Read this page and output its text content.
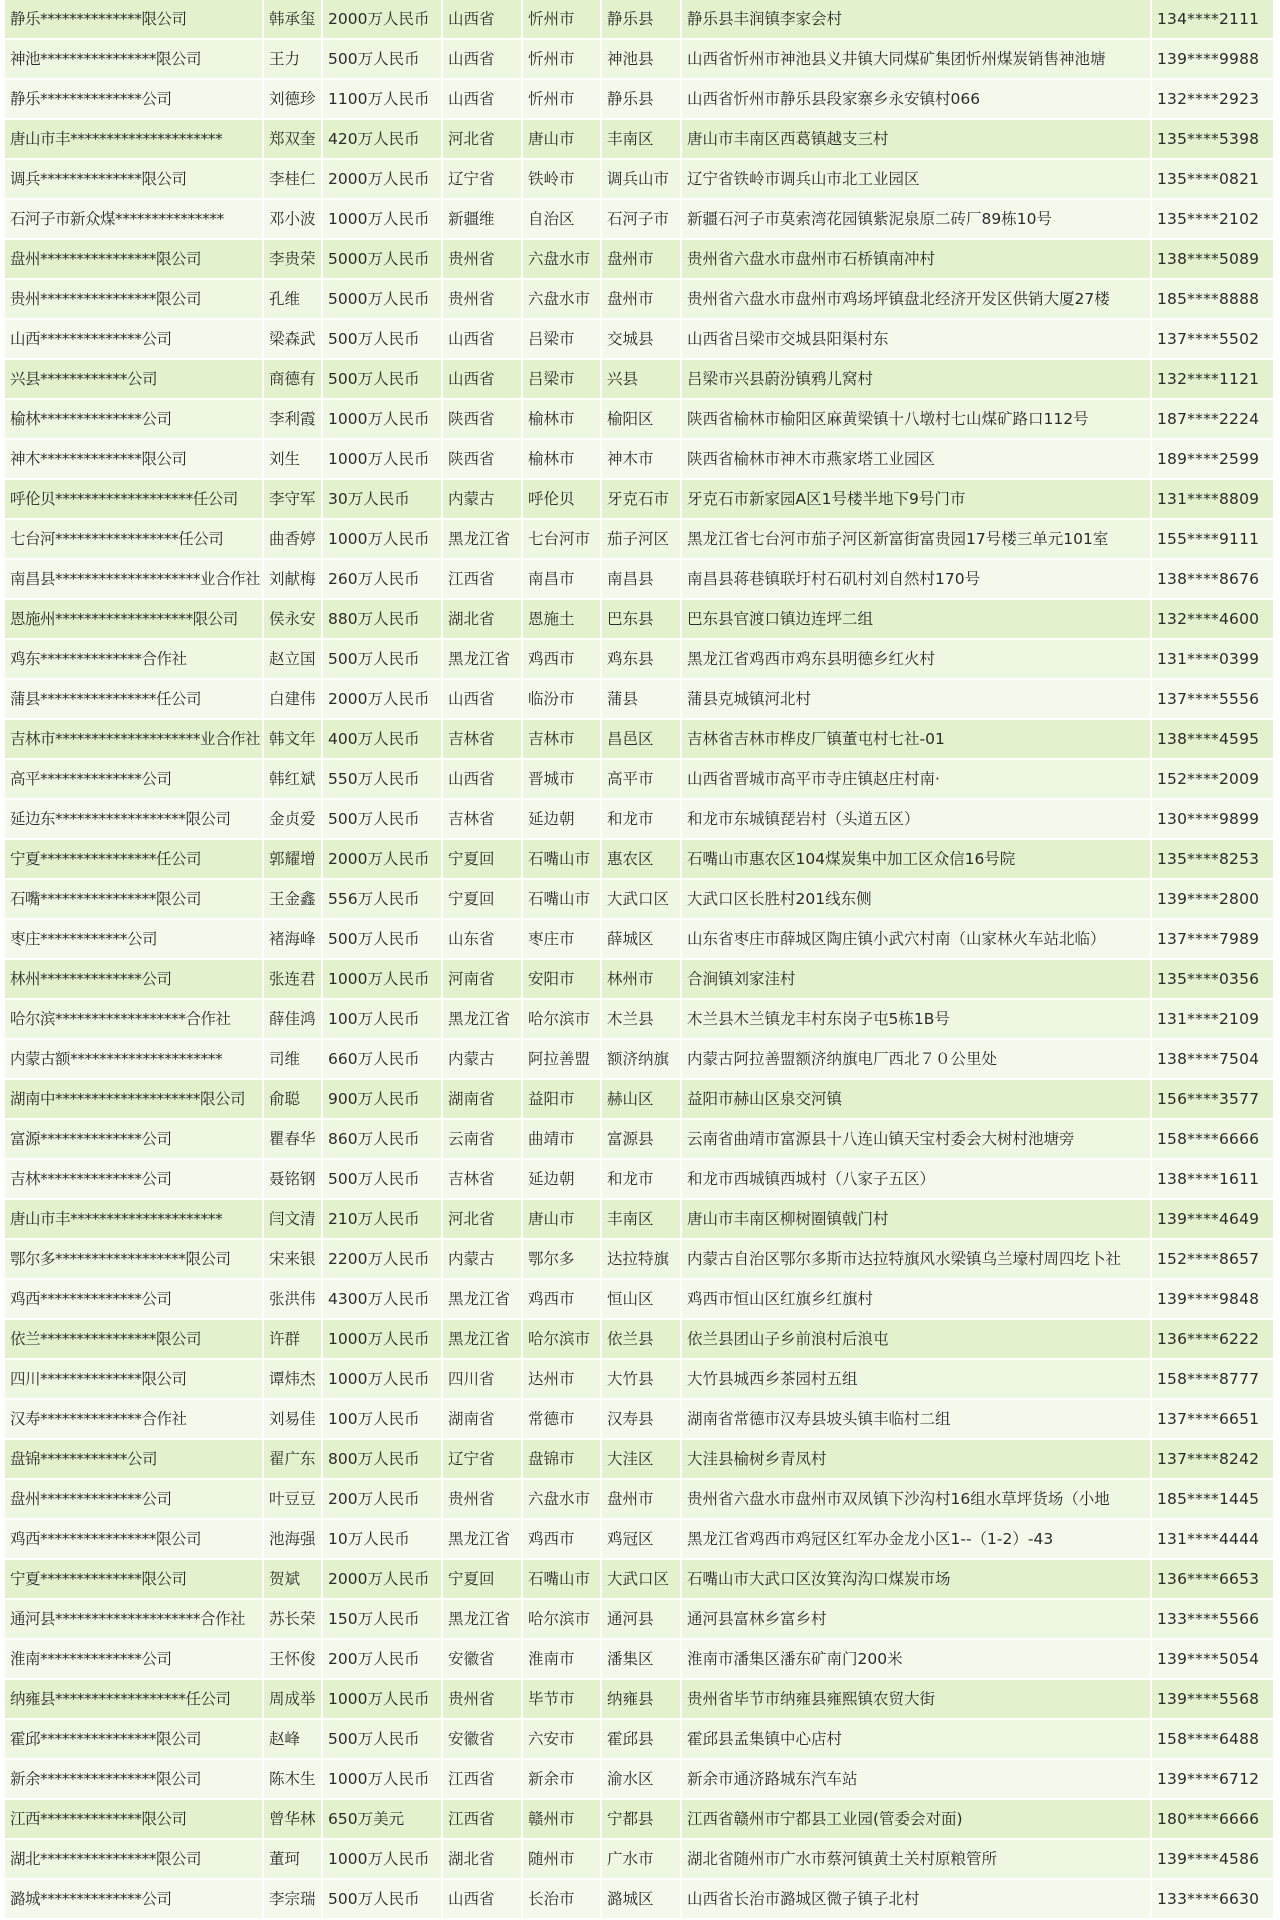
静乐**************限公司	韩承玺 2000万人民币	山西省	忻州市	静乐县	静乐县丰润镇李家会村	134****2111
神池****************限公司	王力	500万人民币	山西省	忻州市	神池县	山西省忻州市神池县义井镇大同煤矿集团忻州煤炭销售神池塘	139****9988
静乐**************公司	刘德珍 1100万人民币	山西省	忻州市	静乐县	山西省忻州市静乐县段家寨乡永安镇村066	132****2923
唐山市丰*********************	郑双奎 420万人民币	河北省	唐山市	丰南区	唐山市丰南区西葛镇越支三村	135****5398
调兵**************限公司	李桂仁 2000万人民币	辽宁省	铁岭市	调兵山市	辽宁省铁岭市调兵山市北工业园区	135****0821
石河子市新众煤***************	邓小波 1000万人民币	新疆维	自治区	石河子市	新疆石河子市莫索湾花园镇紫泥泉原二砖厂89栋10号	135****2102
盘州****************限公司	李贵荣 5000万人民币	贵州省	六盘水市	盘州市	贵州省六盘水市盘州市石桥镇南冲村	138****5089
贵州****************限公司	孔维	5000万人民币	贵州省	六盘水市	盘州市	贵州省六盘水市盘州市鸡场坪镇盘北经济开发区供销大厦27楼	185****8888
山西**************公司	梁森武 500万人民币	山西省	吕梁市	交城县	山西省吕梁市交城县阳渠村东	137****5502
兴县************公司	商德有 500万人民币	山西省	吕梁市	兴县	吕梁市兴县蔚汾镇鸦儿窝村	132****1121
榆林**************公司	李利霞 1000万人民币	陕西省	榆林市	榆阳区	陕西省榆林市榆阳区麻黄梁镇十八墩村七山煤矿路口112号	187****2224
神木**************限公司	刘生	1000万人民币	陕西省	榆林市	神木市	陕西省榆林市神木市燕家塔工业园区	189****2599
呼伦贝*******************任公司	李守军 30万人民币	内蒙古	呼伦贝	牙克石市	牙克石市新家园A区1号楼半地下9号门市	131****8809
七台河*****************任公司	曲香婷 1000万人民币	黑龙江省	七台河市	茄子河区	黑龙江省七台河市茄子河区新富街富贵园17号楼三单元101室	155****9111
南昌县********************业合作社 刘献梅 260万人民币	江西省	南昌市	南昌县	南昌县蒋巷镇联圩村石矶村刘自然村170号	138****8676
恩施州*******************限公司	侯永安 880万人民币	湖北省	恩施土	巴东县	巴东县官渡口镇边连坪二组	132****4600
鸡东**************合作社	赵立国 500万人民币	黑龙江省	鸡西市	鸡东县	黑龙江省鸡西市鸡东县明德乡红火村	131****0399
蒲县****************任公司	白建伟 2000万人民币	山西省	临汾市	蒲县	蒲县克城镇河北村	137****5556
吉林市********************业合作社 韩文年 400万人民币	吉林省	吉林市	昌邑区	吉林省吉林市桦皮厂镇董屯村七社-01	138****4595
高平**************公司	韩红斌 550万人民币	山西省	晋城市	高平市	山西省晋城市高平市寺庄镇赵庄村南·	152****2009
延边东******************限公司	金贞爱 500万人民币	吉林省	延边朝	和龙市	和龙市东城镇琵岩村（头道五区）	130****9899
宁夏****************任公司	郭耀增 2000万人民币	宁夏回	石嘴山市	惠农区	石嘴山市惠农区104煤炭集中加工区众信16号院	135****8253
石嘴****************限公司	王金鑫 556万人民币	宁夏回	石嘴山市	大武口区	大武口区长胜村201线东侧	139****2800
枣庄************公司	褚海峰 500万人民币	山东省	枣庄市	薛城区	山东省枣庄市薛城区陶庄镇小武穴村南（山家林火车站北临）	137****7989
林州**************公司	张连君 1000万人民币	河南省	安阳市	林州市	合涧镇刘家洼村	135****0356
哈尔滨******************合作社	薛佳鸿 100万人民币	黑龙江省	哈尔滨市	木兰县	木兰县木兰镇龙丰村东岗子屯5栋1B号	131****2109
内蒙古额*********************	司维	660万人民币	内蒙古	阿拉善盟	额济纳旗	内蒙古阿拉善盟额济纳旗电厂西北７０公里处	138****7504
湖南中********************限公司	俞聪	900万人民币	湖南省	益阳市	赫山区	益阳市赫山区泉交河镇	156****3577
富源**************公司	瞿春华 860万人民币	云南省	曲靖市	富源县	云南省曲靖市富源县十八连山镇天宝村委会大树村池塘旁	158****6666
吉林**************公司	聂铭钢 500万人民币	吉林省	延边朝	和龙市	和龙市西城镇西城村（八家子五区）	138****1611
唐山市丰*********************	闫文清 210万人民币	河北省	唐山市	丰南区	唐山市丰南区柳树圈镇戟门村	139****4649
鄂尔多******************限公司	宋来银 2200万人民币	内蒙古	鄂尔多	达拉特旗	内蒙古自治区鄂尔多斯市达拉特旗风水梁镇乌兰壕村周四圪卜社	152****8657
鸡西**************公司	张洪伟 4300万人民币	黑龙江省	鸡西市	恒山区	鸡西市恒山区红旗乡红旗村	139****9848
依兰****************限公司	许群	1000万人民币	黑龙江省	哈尔滨市	依兰县	依兰县团山子乡前浪村后浪屯	136****6222
四川**************限公司	谭炜杰 1000万人民币	四川省	达州市	大竹县	大竹县城西乡茶园村五组	158****8777
汉寿**************合作社	刘易佳 100万人民币	湖南省	常德市	汉寿县	湖南省常德市汉寿县坡头镇丰临村二组	137****6651
盘锦************公司	翟广东 800万人民币	辽宁省	盘锦市	大洼区	大洼县榆树乡青凤村	137****8242
盘州**************公司	叶豆豆 200万人民币	贵州省	六盘水市	盘州市	贵州省六盘水市盘州市双凤镇下沙沟村16组水草坪货场（小地	185****1445
鸡西****************限公司	池海强 10万人民币	黑龙江省	鸡西市	鸡冠区	黑龙江省鸡西市鸡冠区红军办金龙小区1--（1-2）-43	131****4444
宁夏**************限公司	贺斌	2000万人民币	宁夏回	石嘴山市	大武口区	石嘴山市大武口区汝箕沟沟口煤炭市场	136****6653
通河县********************合作社	苏长荣 150万人民币	黑龙江省	哈尔滨市	通河县	通河县富林乡富乡村	133****5566
淮南**************公司	王怀俊 200万人民币	安徽省	淮南市	潘集区	淮南市潘集区潘东矿南门200米	139****5054
纳雍县******************任公司	周成举 1000万人民币	贵州省	毕节市	纳雍县	贵州省毕节市纳雍县雍熙镇农贸大街	139****5568
霍邱****************限公司	赵峰	500万人民币	安徽省	六安市	霍邱县	霍邱县孟集镇中心店村	158****6488
新余****************限公司	陈木生 1000万人民币	江西省	新余市	渝水区	新余市通济路城东汽车站	139****6712
江西**************限公司	曾华林 650万美元	江西省	赣州市	宁都县	江西省赣州市宁都县工业园(管委会对面)	180****6666
湖北****************限公司	董珂	1000万人民币	湖北省	随州市	广水市	湖北省随州市广水市蔡河镇黄土关村原粮管所	139****4586
潞城**************公司	李宗瑞 500万人民币	山西省	长治市	潞城区	山西省长治市潞城区微子镇子北村	133****6630
